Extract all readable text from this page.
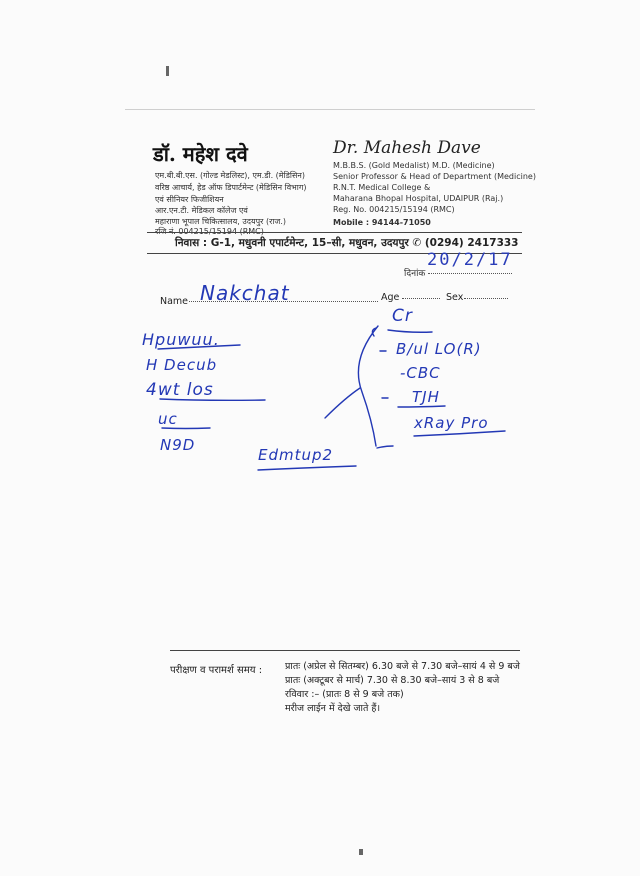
डॉ. महेश दवे
एम.बी.बी.एस. (गोल्ड मेडलिस्ट), एम.डी. (मेडिसिन)
वरिष्ठ आचार्य, हेड ऑफ डिपार्टमेन्ट (मेडिसिन विभाग)
एवं सीनियर फिजीशियन
आर.एन.टी. मेडिकल कॉलेज एवं
महाराणा भूपाल चिकित्सालय, उदयपुर (राज.)
Dr. Mahesh Dave
M.B.B.S. (Gold Medalist) M.D. (Medicine)
Senior Professor & Head of Department (Medicine)
R.N.T. Medical College &
Maharana Bhopal Hospital, UDAIPUR (Raj.)
Reg. No. 004215/15194 (RMC)
Mobile : 94144-71050
निवास : G-1, मधुवनी एपार्टमेन्ट, 15–सी, मधुवन, उदयपुर ✆ (0294) 2417333
दिनांक
20/2/17
Name Nakchat	Age	Sex
Hpuwuu.
H Decub
4wt los
uc
N9D
Edmtup2
Cr
B/ul LO(R)
-CBC
TJH
xRay Pro
परीक्षण व परामर्श समय : प्रातः (अप्रेल से सितम्बर) 6.30 बजे से 7.30 बजे–सायं 4 से 9 बजे
प्रातः (अक्टूबर से मार्च) 7.30 से 8.30 बजे–सायं 3 से 8 बजे
रविवार :– (प्रातः 8 से 9 बजे तक)
मरीज लाईन में देखे जाते हैं।
